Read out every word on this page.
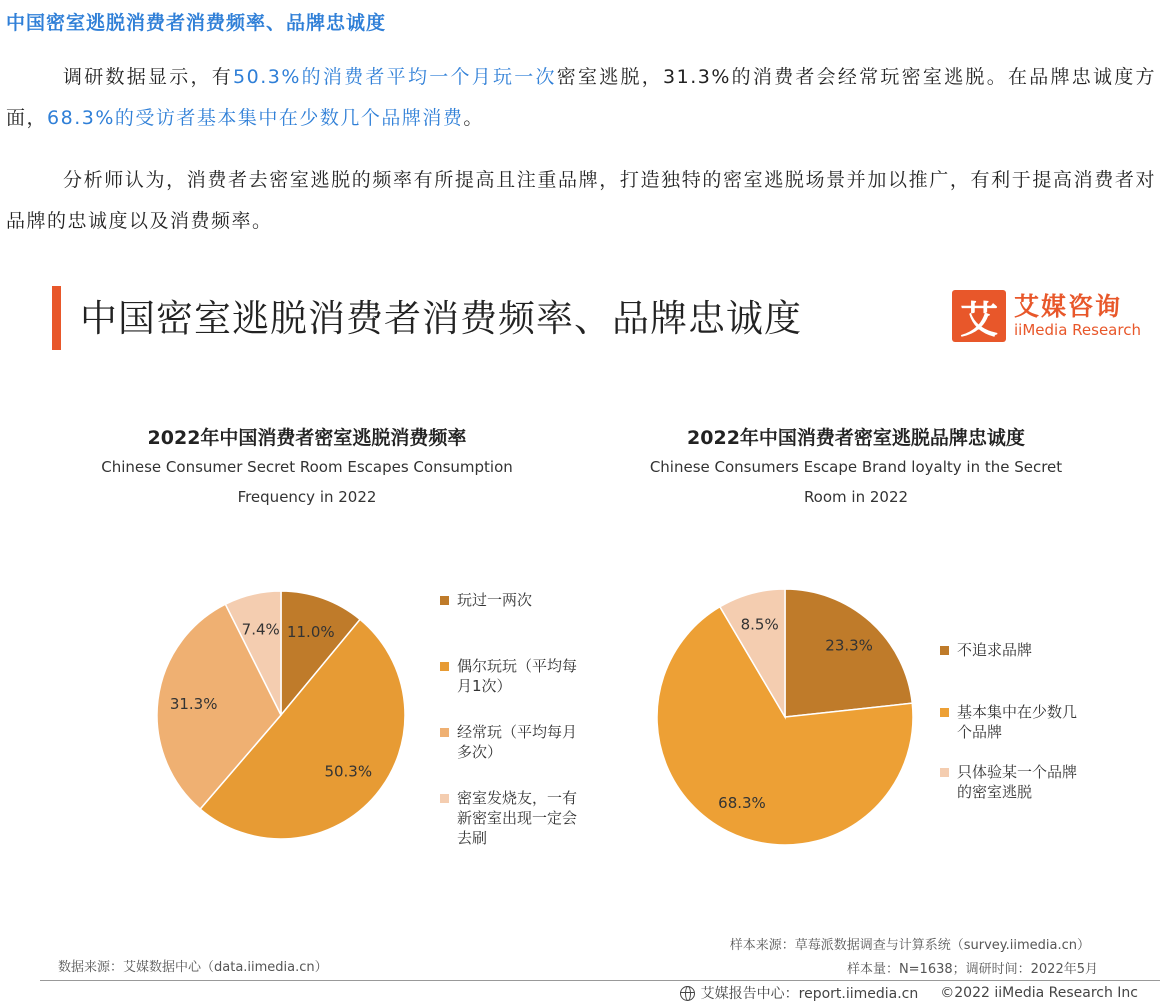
中国密室逃脱消费者消费频率、品牌忠诚度
调研数据显示，有50.3%的消费者平均一个月玩一次密室逃脱，31.3%的消费者会经常玩密室逃脱。在品牌忠诚度方面，68.3%的受访者基本集中在少数几个品牌消费。
分析师认为，消费者去密室逃脱的频率有所提高且注重品牌，打造独特的密室逃脱场景并加以推广，有利于提高消费者对品牌的忠诚度以及消费频率。
中国密室逃脱消费者消费频率、品牌忠诚度	艾 艾媒咨询
iiMedia Research
2022年中国消费者密室逃脱消费频率
Chinese Consumer Secret Room Escapes Consumption
Frequency in 2022
2022年中国消费者密室逃脱品牌忠诚度
Chinese Consumers Escape Brand loyalty in the Secret
Room in 2022
11.0%
50.3%
31.3%
7.4%
23.3%
68.3%
8.5%
玩过一两次
偶尔玩玩（平均每月1次）
经常玩（平均每月多次）
密室发烧友，一有新密室出现一定会去刷
不追求品牌
基本集中在少数几个品牌
只体验某一个品牌的密室逃脱
样本来源：草莓派数据调查与计算系统（survey.iimedia.cn）
数据来源：艾媒数据中心（data.iimedia.cn）	样本量：N=1638；调研时间：2022年5月
艾媒报告中心：report.iimedia.cn ©2022 iiMedia Research Inc
